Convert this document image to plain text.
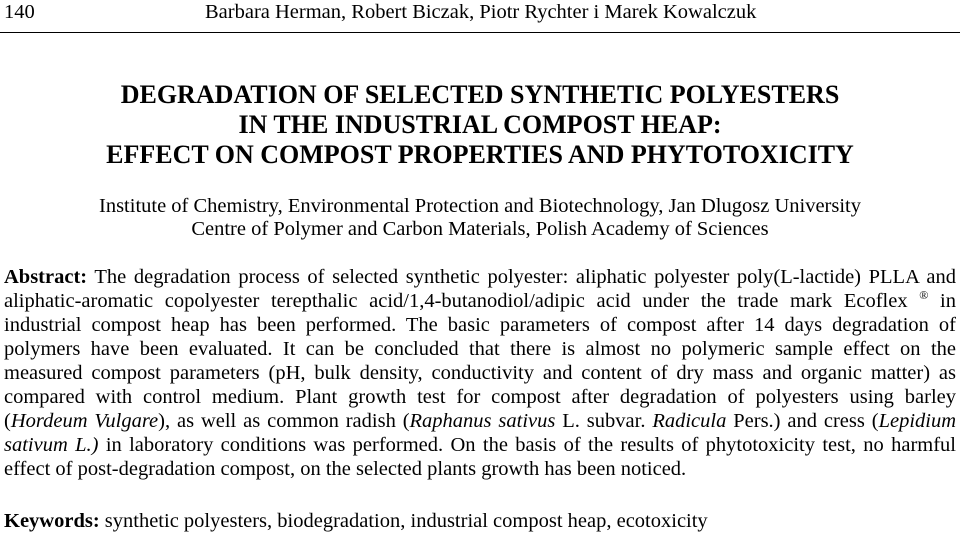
140	Barbara Herman, Robert Biczak, Piotr Rychter i Marek Kowalczuk
DEGRADATION OF SELECTED SYNTHETIC POLYESTERS
IN THE INDUSTRIAL COMPOST HEAP:
EFFECT ON COMPOST PROPERTIES AND PHYTOTOXICITY
Institute of Chemistry, Environmental Protection and Biotechnology, Jan Dlugosz University
Centre of Polymer and Carbon Materials, Polish Academy of Sciences
Abstract: The degradation process of selected synthetic polyester: aliphatic polyester poly(L-lactide) PLLA and
aliphatic-aromatic copolyester terepthalic acid/1,4-butanodiol/adipic acid under the trade mark Ecoflex ® in
industrial compost heap has been performed. The basic parameters of compost after 14 days degradation of
polymers have been evaluated. It can be concluded that there is almost no polymeric sample effect on the
measured compost parameters (pH, bulk density, conductivity and content of dry mass and organic matter) as
compared with control medium. Plant growth test for compost after degradation of polyesters using barley
(Hordeum Vulgare), as well as common radish (Raphanus sativus L. subvar. Radicula Pers.) and cress (Lepidium
sativum L.) in laboratory conditions was performed. On the basis of the results of phytotoxicity test, no harmful
effect of post-degradation compost, on the selected plants growth has been noticed.
Keywords: synthetic polyesters, biodegradation, industrial compost heap, ecotoxicity
